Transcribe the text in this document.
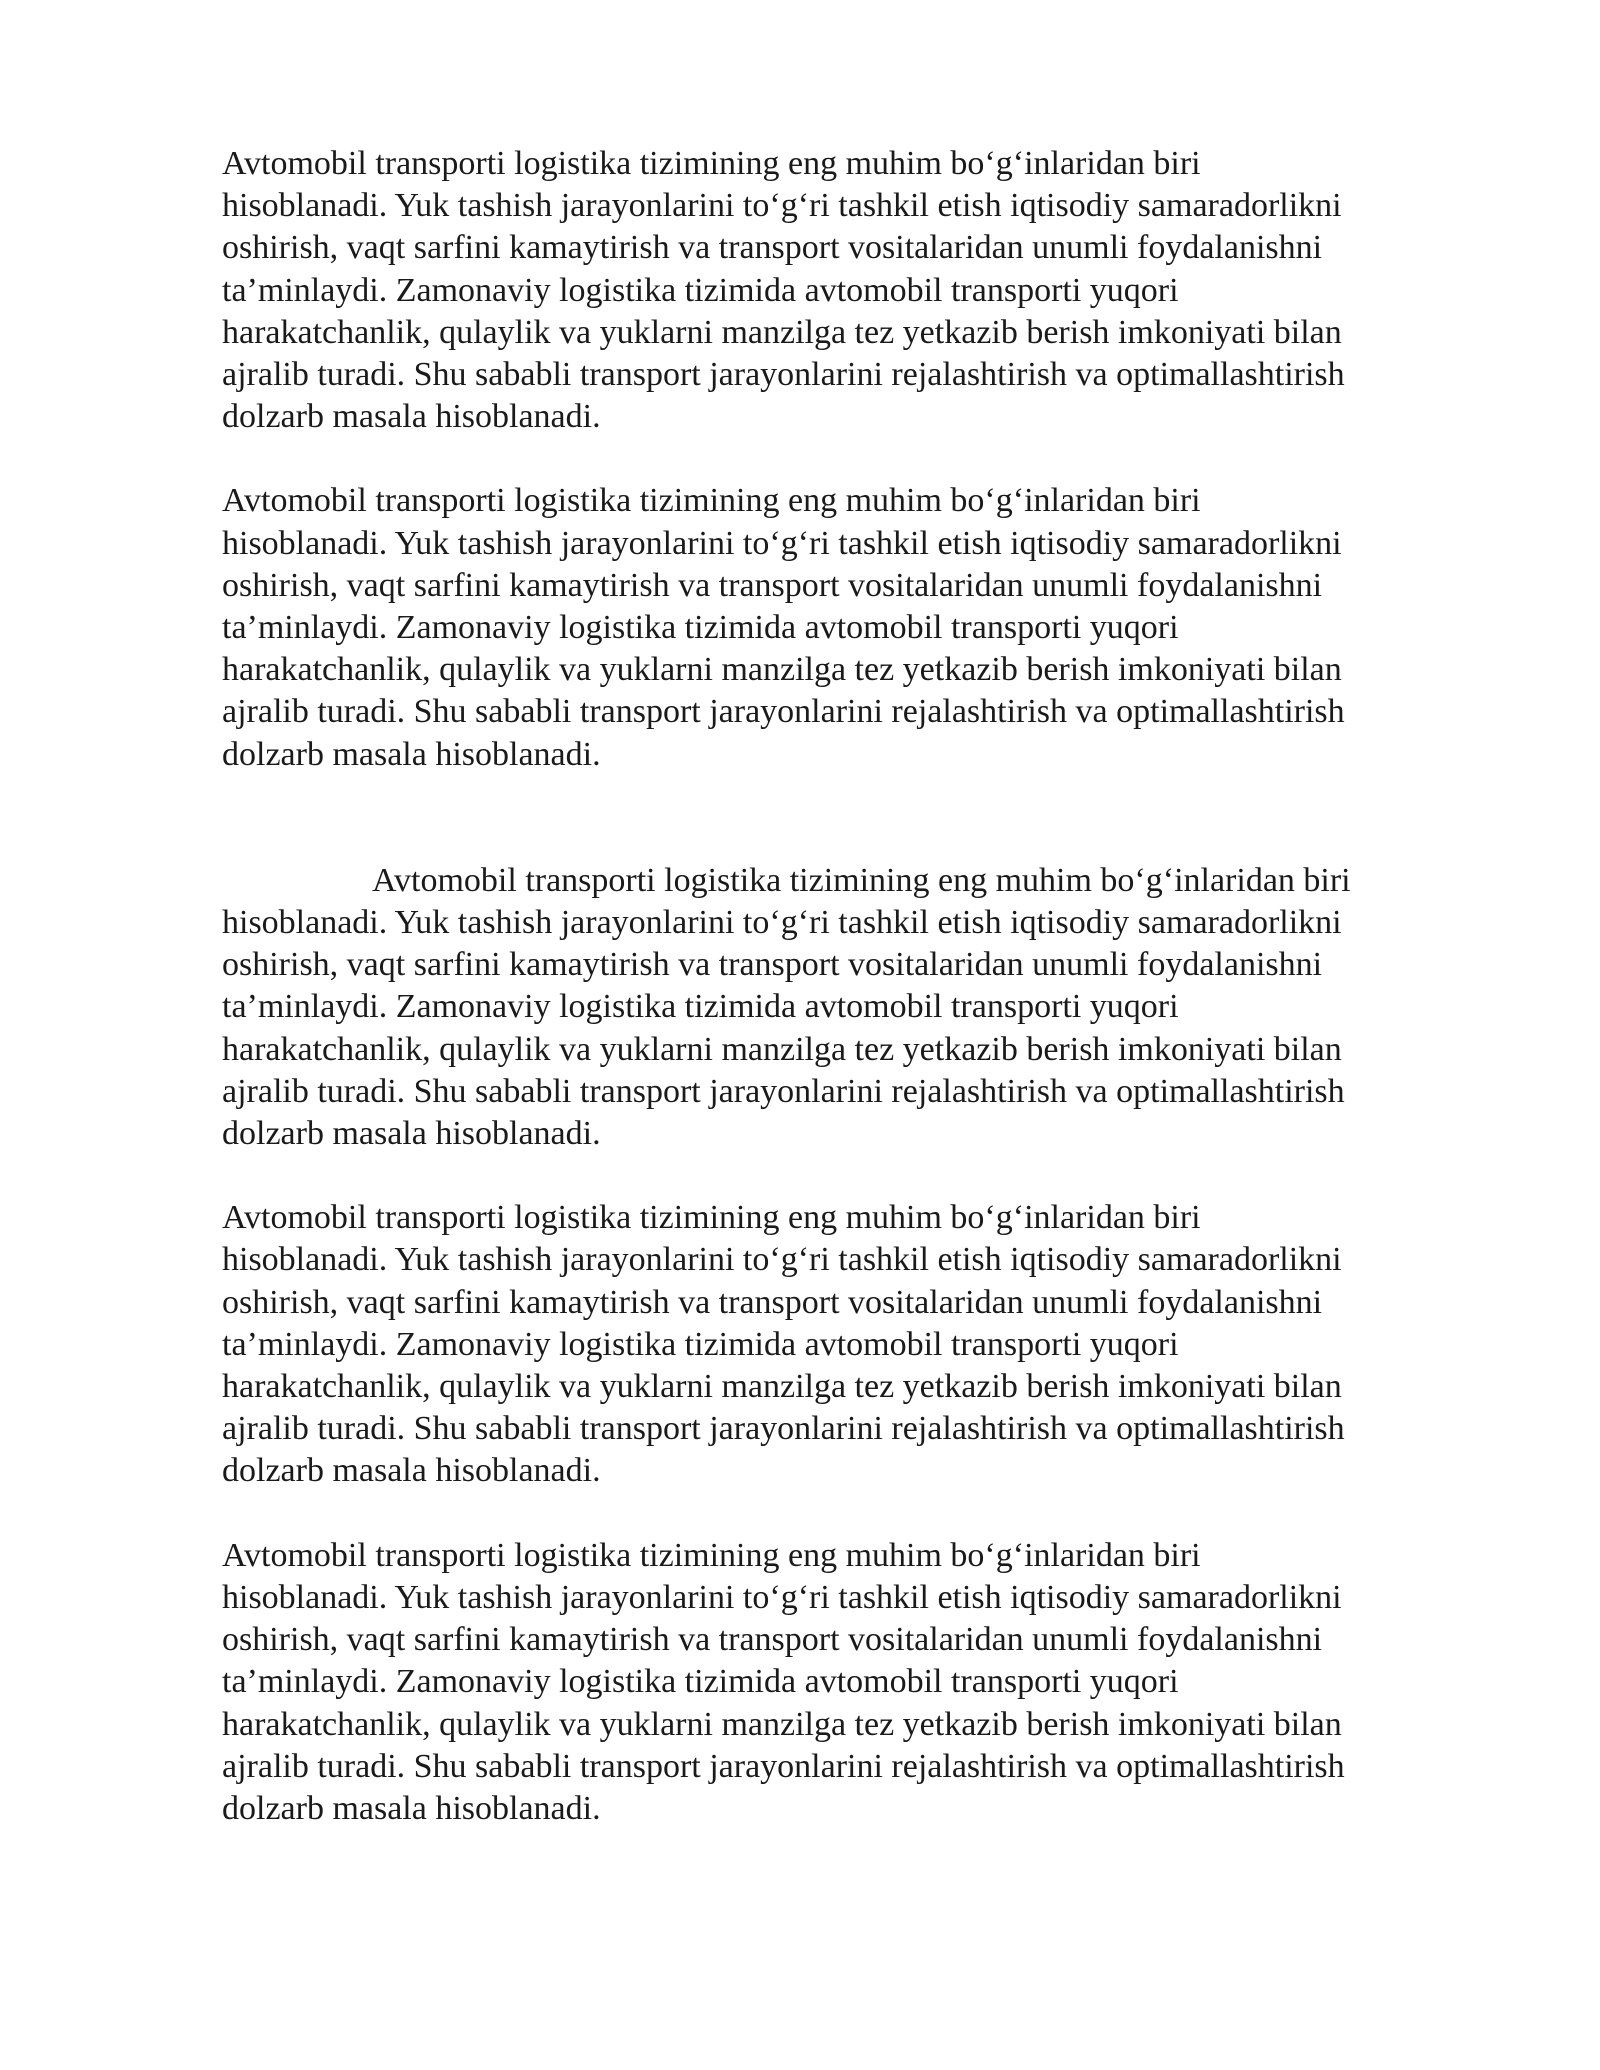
Avtomobil transporti logistika tizimining eng muhim bo‘g‘inlaridan biri
hisoblanadi. Yuk tashish jarayonlarini to‘g‘ri tashkil etish iqtisodiy samaradorlikni
oshirish, vaqt sarfini kamaytirish va transport vositalaridan unumli foydalanishni
ta’minlaydi. Zamonaviy logistika tizimida avtomobil transporti yuqori
harakatchanlik, qulaylik va yuklarni manzilga tez yetkazib berish imkoniyati bilan
ajralib turadi. Shu sababli transport jarayonlarini rejalashtirish va optimallashtirish
dolzarb masala hisoblanadi.
Avtomobil transporti logistika tizimining eng muhim bo‘g‘inlaridan biri
hisoblanadi. Yuk tashish jarayonlarini to‘g‘ri tashkil etish iqtisodiy samaradorlikni
oshirish, vaqt sarfini kamaytirish va transport vositalaridan unumli foydalanishni
ta’minlaydi. Zamonaviy logistika tizimida avtomobil transporti yuqori
harakatchanlik, qulaylik va yuklarni manzilga tez yetkazib berish imkoniyati bilan
ajralib turadi. Shu sababli transport jarayonlarini rejalashtirish va optimallashtirish
dolzarb masala hisoblanadi.
Avtomobil transporti logistika tizimining eng muhim bo‘g‘inlaridan biri
hisoblanadi. Yuk tashish jarayonlarini to‘g‘ri tashkil etish iqtisodiy samaradorlikni
oshirish, vaqt sarfini kamaytirish va transport vositalaridan unumli foydalanishni
ta’minlaydi. Zamonaviy logistika tizimida avtomobil transporti yuqori
harakatchanlik, qulaylik va yuklarni manzilga tez yetkazib berish imkoniyati bilan
ajralib turadi. Shu sababli transport jarayonlarini rejalashtirish va optimallashtirish
dolzarb masala hisoblanadi.
Avtomobil transporti logistika tizimining eng muhim bo‘g‘inlaridan biri
hisoblanadi. Yuk tashish jarayonlarini to‘g‘ri tashkil etish iqtisodiy samaradorlikni
oshirish, vaqt sarfini kamaytirish va transport vositalaridan unumli foydalanishni
ta’minlaydi. Zamonaviy logistika tizimida avtomobil transporti yuqori
harakatchanlik, qulaylik va yuklarni manzilga tez yetkazib berish imkoniyati bilan
ajralib turadi. Shu sababli transport jarayonlarini rejalashtirish va optimallashtirish
dolzarb masala hisoblanadi.
Avtomobil transporti logistika tizimining eng muhim bo‘g‘inlaridan biri
hisoblanadi. Yuk tashish jarayonlarini to‘g‘ri tashkil etish iqtisodiy samaradorlikni
oshirish, vaqt sarfini kamaytirish va transport vositalaridan unumli foydalanishni
ta’minlaydi. Zamonaviy logistika tizimida avtomobil transporti yuqori
harakatchanlik, qulaylik va yuklarni manzilga tez yetkazib berish imkoniyati bilan
ajralib turadi. Shu sababli transport jarayonlarini rejalashtirish va optimallashtirish
dolzarb masala hisoblanadi.
